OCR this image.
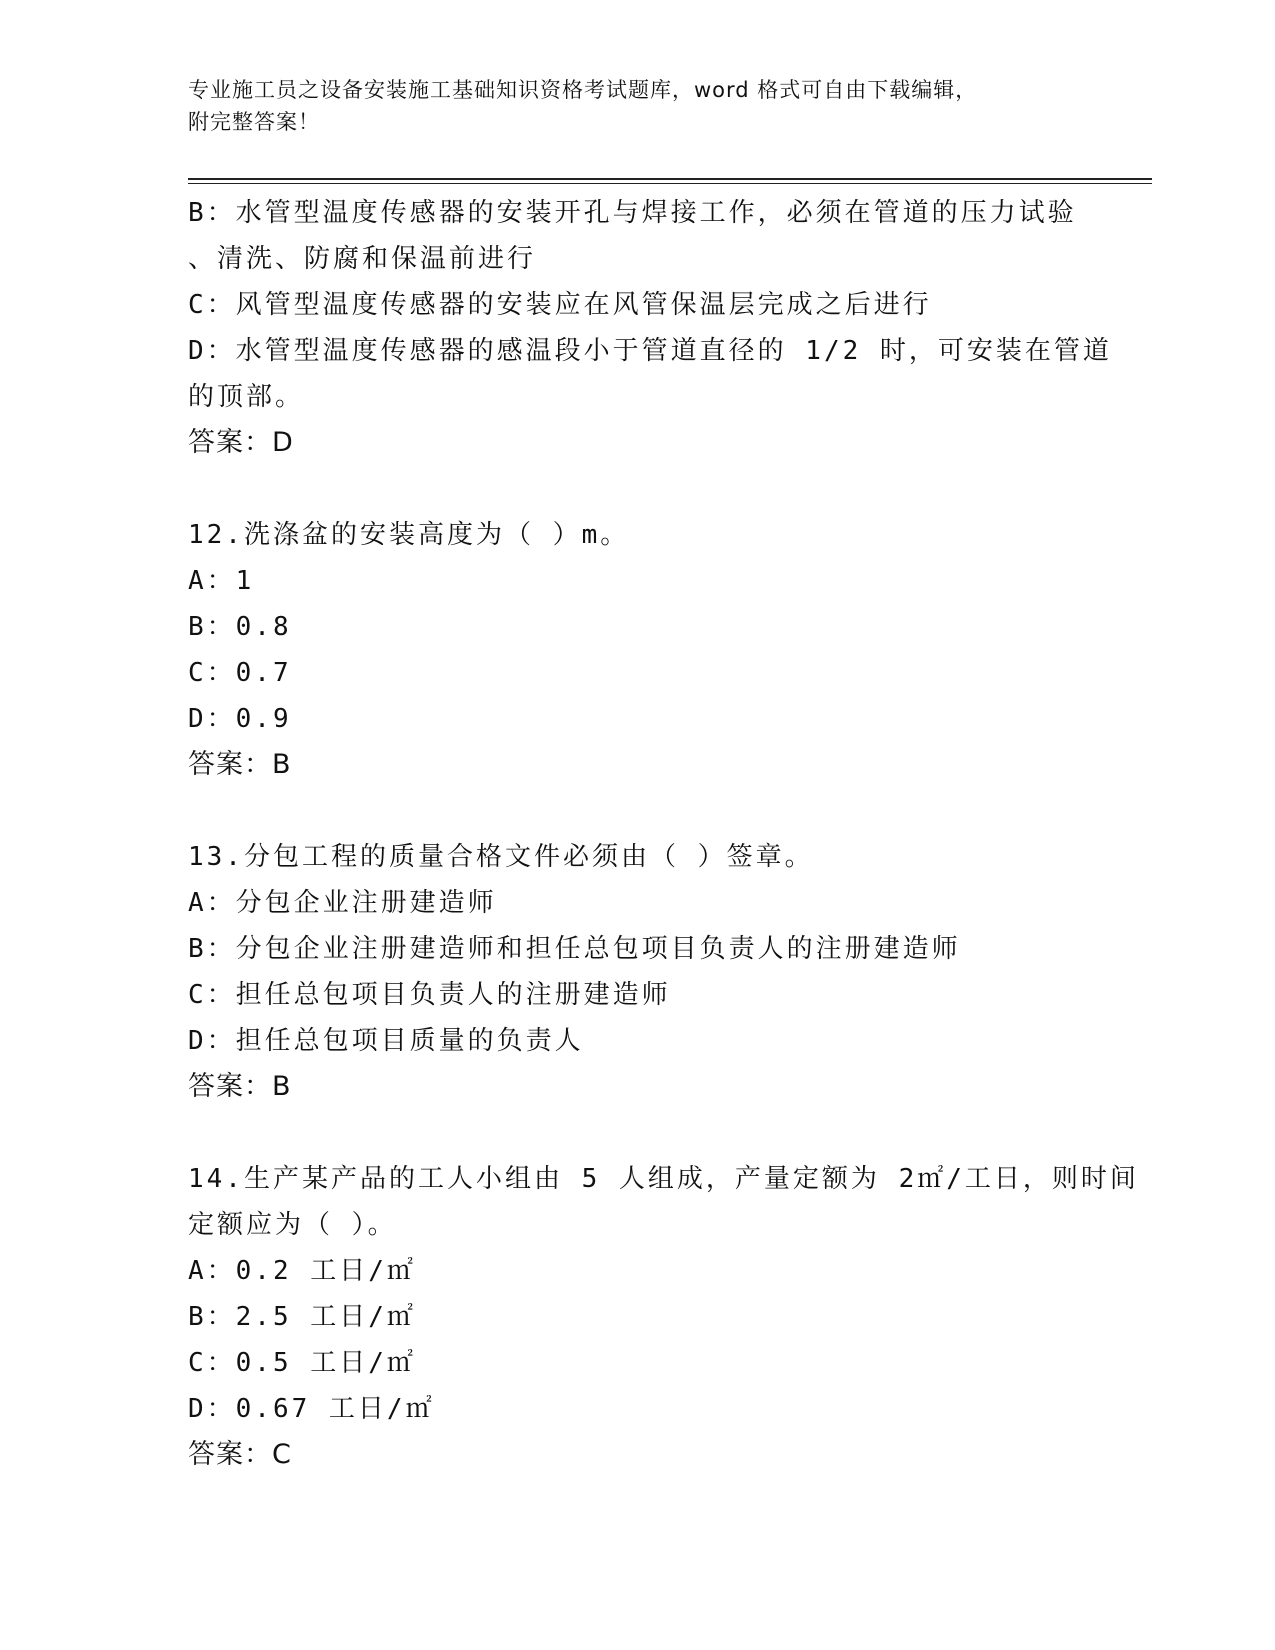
专业施工员之设备安装施工基础知识资格考试题库，word 格式可自由下载编辑，
附完整答案！
B：水管型温度传感器的安装开孔与焊接工作，必须在管道的压力试验
、清洗、防腐和保温前进行
C：风管型温度传感器的安装应在风管保温层完成之后进行
D：水管型温度传感器的感温段小于管道直径的 1/2 时，可安装在管道
的顶部。
答案：D
12.洗涤盆的安装高度为（ ）m。
A：1
B：0.8
C：0.7
D：0.9
答案：B
13.分包工程的质量合格文件必须由（ ）签章。
A：分包企业注册建造师
B：分包企业注册建造师和担任总包项目负责人的注册建造师
C：担任总包项目负责人的注册建造师
D：担任总包项目质量的负责人
答案：B
14.生产某产品的工人小组由 5 人组成，产量定额为 2㎡/工日，则时间
定额应为（ ）。
A：0.2 工日/㎡
B：2.5 工日/㎡
C：0.5 工日/㎡
D：0.67 工日/㎡
答案：C
